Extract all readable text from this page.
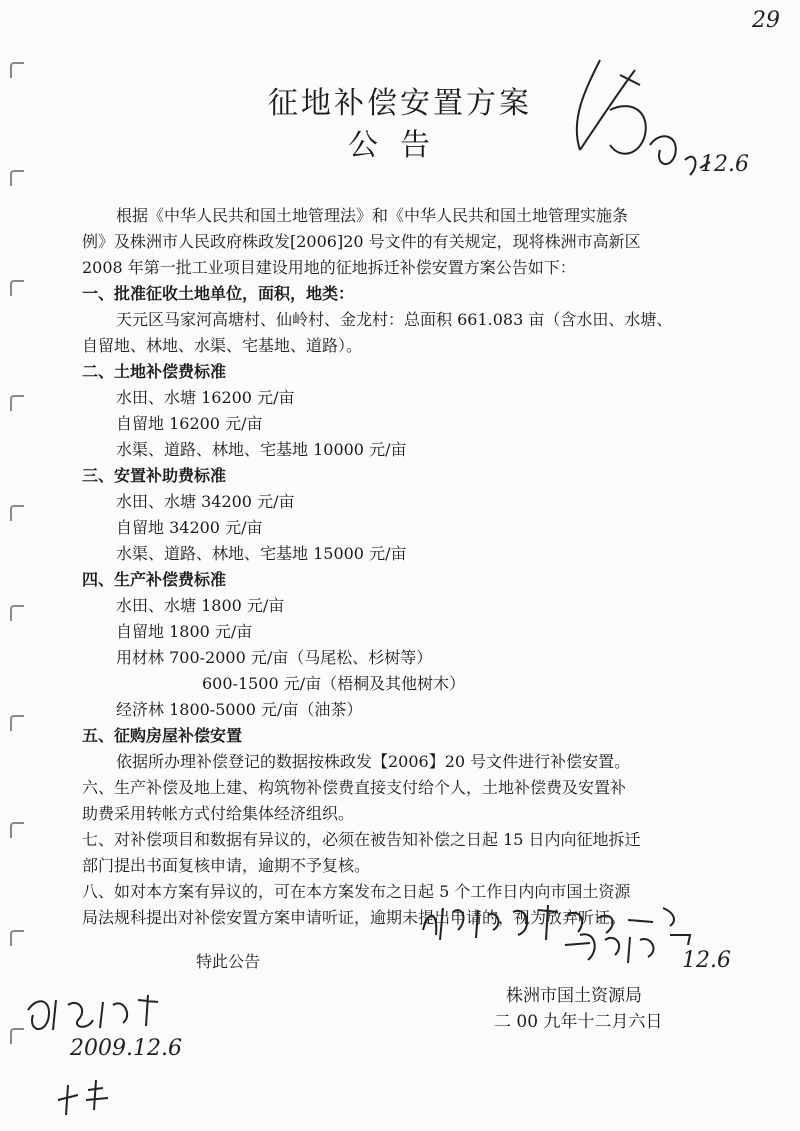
29
征地补偿安置方案
公告
12.6
根据《中华人民共和国土地管理法》和《中华人民共和国土地管理实施条
例》及株洲市人民政府株政发[2006]20 号文件的有关规定，现将株洲市高新区
2008 年第一批工业项目建设用地的征地拆迁补偿安置方案公告如下：
一、批准征收土地单位，面积，地类：
天元区马家河高塘村、仙岭村、金龙村：总面积 661.083 亩（含水田、水塘、
自留地、林地、水渠、宅基地、道路）。
二、土地补偿费标准
水田、水塘 16200 元/亩
自留地 16200 元/亩
水渠、道路、林地、宅基地 10000 元/亩
三、安置补助费标准
水田、水塘 34200 元/亩
自留地 34200 元/亩
水渠、道路、林地、宅基地 15000 元/亩
四、生产补偿费标准
水田、水塘 1800 元/亩
自留地 1800 元/亩
用材林 700-2000 元/亩（马尾松、杉树等）
600-1500 元/亩（梧桐及其他树木）
经济林 1800-5000 元/亩（油茶）
五、征购房屋补偿安置
依据所办理补偿登记的数据按株政发【2006】20 号文件进行补偿安置。
六、生产补偿及地上建、构筑物补偿费直接支付给个人，土地补偿费及安置补
助费采用转帐方式付给集体经济组织。
七、对补偿项目和数据有异议的，必须在被告知补偿之日起 15 日内向征地拆迁
部门提出书面复核申请，逾期不予复核。
八、如对本方案有异议的，可在本方案发布之日起 5 个工作日内向市国土资源
局法规科提出对补偿安置方案申请听证，逾期未提出申请的，视为放弃听证。
特此公告	12.6
株洲市国土资源局
二 00 九年十二月六日
2009.12.6
